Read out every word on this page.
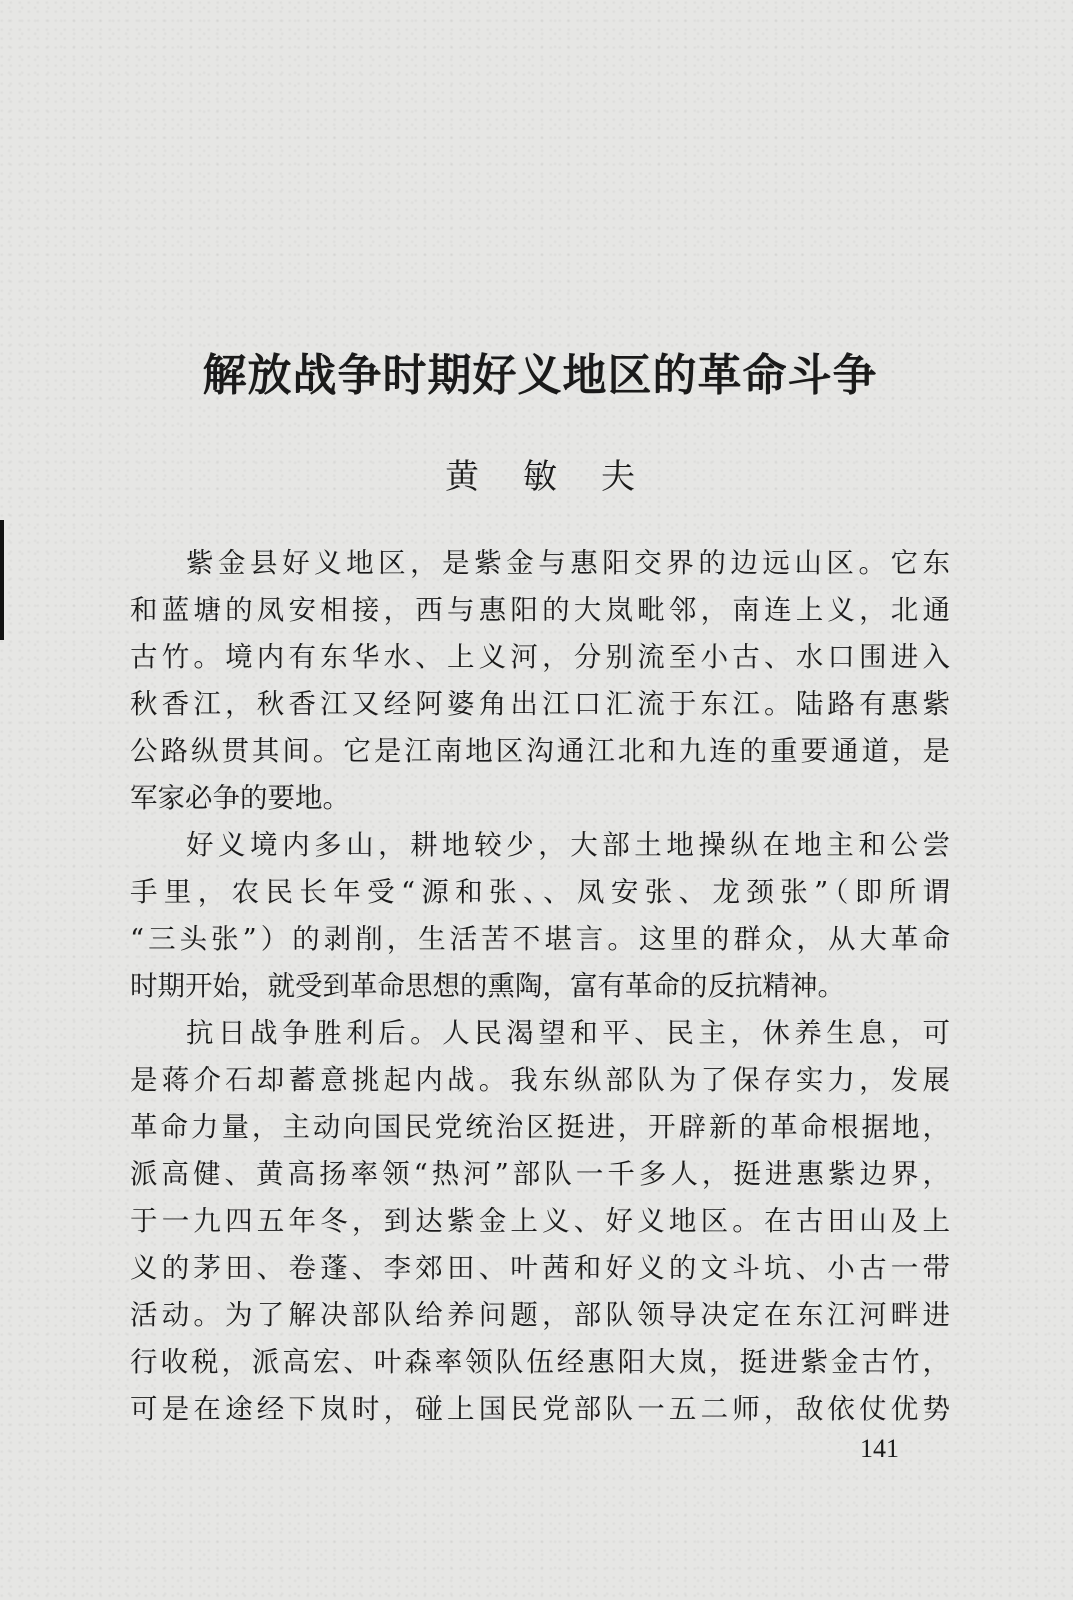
解放战争时期好义地区的革命斗争
黄敏夫
紫金县好义地区，是紫金与惠阳交界的边远山区。它东
和蓝塘的凤安相接，西与惠阳的大岚毗邻，南连上义，北通
古竹。境内有东华水、上义河，分别流至小古、水口围进入
秋香江，秋香江又经阿婆角出江口汇流于东江。陆路有惠紫
公路纵贯其间。它是江南地区沟通江北和九连的重要通道，是
军家必争的要地。
好义境内多山，耕地较少，大部土地操纵在地主和公尝
手里，农民长年受“源和张、、凤安张、龙颈张”（即所谓
“三头张”）的剥削，生活苦不堪言。这里的群众，从大革命
时期开始，就受到革命思想的熏陶，富有革命的反抗精神。
抗日战争胜利后。人民渴望和平、民主，休养生息，可
是蒋介石却蓄意挑起内战。我东纵部队为了保存实力，发展
革命力量，主动向国民党统治区挺进，开辟新的革命根据地，
派高健、黄高扬率领“热河”部队一千多人，挺进惠紫边界，
于一九四五年冬，到达紫金上义、好义地区。在古田山及上
义的茅田、卷蓬、李郊田、叶茜和好义的文斗坑、小古一带
活动。为了解决部队给养问题，部队领导决定在东江河畔进
行收税，派高宏、叶森率领队伍经惠阳大岚，挺进紫金古竹，
可是在途经下岚时，碰上国民党部队一五二师，敌依仗优势
141
